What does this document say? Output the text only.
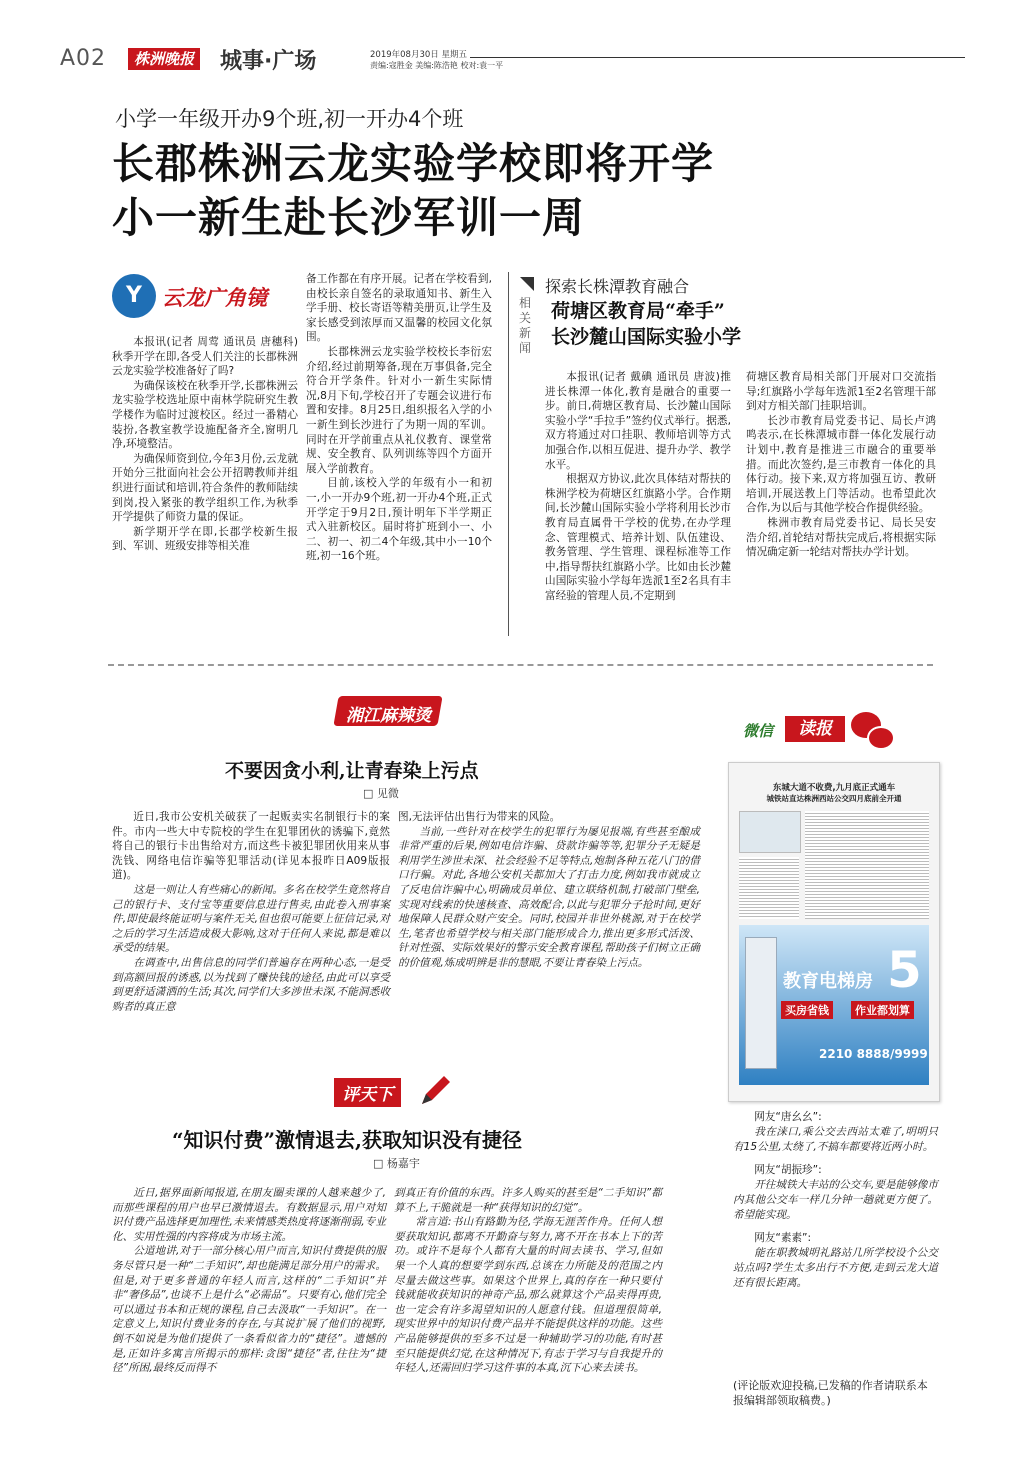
A02	株洲晚报 城事·广场	2019年08月30日 星期五
责编:寇胜金 美编:陈浩艳 校对:袁一平
小学一年级开办9个班,初一开办4个班
长郡株洲云龙实验学校即将开学
小一新生赴长沙军训一周
Y 云龙广角镜

本报讯(记者 周莺 通讯员 唐穗科)秋季开学在即,各受人们关注的长郡株洲云龙实验学校准备好了吗?

为确保该校在秋季开学,长郡株洲云龙实验学校选址原中南林学院研究生教学楼作为临时过渡校区。经过一番精心装扮,各教室教学设施配备齐全,窗明几净,环境整洁。

为确保师资到位,今年3月份,云龙就开始分三批面向社会公开招聘教师并组织进行面试和培训,符合条件的教师陆续到岗,投入紧张的教学组织工作,为秋季开学提供了师资力量的保证。

新学期开学在即,长郡学校新生报到、军训、班级安排等相关准

备工作都在有序开展。记者在学校看到,由校长亲自签名的录取通知书、新生入学手册、校长寄语等精美册页,让学生及家长感受到浓厚而又温馨的校园文化氛围。

长郡株洲云龙实验学校校长李衍宏介绍,经过前期筹备,现在万事俱备,完全符合开学条件。针对小一新生实际情况,8月下旬,学校召开了专题会议进行布置和安排。8月25日,组织报名入学的小一新生到长沙进行了为期一周的军训。同时在开学前重点从礼仪教育、课堂常规、安全教育、队列训练等四个方面开展入学前教育。

目前,该校入学的年级有小一和初一,小一开办9个班,初一开办4个班,正式开学定于9月2日,预计明年下半学期正式入驻新校区。届时将扩班到小一、小二、初一、初二4个年级,其中小一10个班,初一16个班。

相关新闻
探索长株潭教育融合
荷塘区教育局“牵手”
长沙麓山国际实验小学

本报讯(记者 戴碘 通讯员 唐波)推进长株潭一体化,教育是融合的重要一步。前日,荷塘区教育局、长沙麓山国际实验小学“手拉手”签约仪式举行。据悉,双方将通过对口挂职、教师培训等方式加强合作,以相互促进、提升办学、教学水平。

根据双方协议,此次具体结对帮扶的株洲学校为荷塘区红旗路小学。合作期间,长沙麓山国际实验小学将利用长沙市教育局直属骨干学校的优势,在办学理念、管理模式、培养计划、队伍建设、教务管理、学生管理、课程标准等工作中,指导帮扶红旗路小学。比如由长沙麓山国际实验小学每年选派1至2名具有丰富经验的管理人员,不定期到

荷塘区教育局相关部门开展对口交流指导;红旗路小学每年选派1至2名管理干部到对方相关部门挂职培训。

长沙市教育局党委书记、局长卢鸿鸣表示,在长株潭城市群一体化发展行动计划中,教育是推进三市融合的重要举措。而此次签约,是三市教育一体化的具体行动。接下来,双方将加强互访、教研培训,开展送教上门等活动。也希望此次合作,为以后与其他学校合作提供经验。

株洲市教育局党委书记、局长吴安浩介绍,首轮结对帮扶完成后,将根据实际情况确定新一轮结对帮扶办学计划。

湘江麻辣烫
不要因贪小利,让青春染上污点
□ 见微

近日,我市公安机关破获了一起贩卖实名制银行卡的案件。市内一些大中专院校的学生在犯罪团伙的诱骗下,竟然将自己的银行卡出售给对方,而这些卡被犯罪团伙用来从事洗钱、网络电信诈骗等犯罪活动(详见本报昨日A09版报道)。

这是一则让人有些痛心的新闻。多名在校学生竟然将自己的银行卡、支付宝等重要信息进行售卖,由此卷入刑事案件,即使最终能证明与案件无关,但也很可能要上征信记录,对之后的学习生活造成极大影响,这对于任何人来说,都是难以承受的结果。

在调查中,出售信息的同学们普遍存在两种心态,一是受到高额回报的诱惑,以为找到了赚快钱的途径,由此可以享受到更舒适潇洒的生活;其次,同学们大多涉世未深,不能洞悉收购者的真正意

图,无法评估出售行为带来的风险。

当前,一些针对在校学生的犯罪行为屡见报端,有些甚至酿成非常严重的后果,例如电信诈骗、贷款诈骗等等,犯罪分子无疑是利用学生涉世未深、社会经验不足等特点,炮制各种五花八门的借口行骗。对此,各地公安机关都加大了打击力度,例如我市就成立了反电信诈骗中心,明确成员单位、建立联络机制,打破部门壁垒,实现对线索的快速核查、高效配合,以此与犯罪分子抢时间,更好地保障人民群众财产安全。同时,校园并非世外桃源,对于在校学生,笔者也希望学校与相关部门能形成合力,推出更多形式活泼、针对性强、实际效果好的警示安全教育课程,帮助孩子们树立正确的价值观,炼成明辨是非的慧眼,不要让青春染上污点。

微信	读报
东城大道不收费,九月底正式通车
城铁站直达株洲西站公交四月底前全开通
教育电梯房 5
买房省钱	作业都划算
2210 8888/9999
评天下
“知识付费”激情退去,获取知识没有捷径
□ 杨嘉宇

近日,据界面新闻报道,在朋友圈卖课的人越来越少了,而那些课程的用户也早已激情退去。有数据显示,用户对知识付费产品选择更加理性,未来情感类热度将逐渐削弱,专业化、实用性强的内容将成为市场主流。

公道地讲,对于一部分核心用户而言,知识付费提供的服务尽管只是一种“二手知识”,却也能满足部分用户的需求。但是,对于更多普通的年轻人而言,这样的“二手知识”并非“奢侈品”,也谈不上是什么“必需品”。只要有心,他们完全可以通过书本和正规的课程,自己去汲取“一手知识”。在一定意义上,知识付费业务的存在,与其说扩展了他们的视野,倒不如说是为他们提供了一条看似省力的“捷径”。遗憾的是,正如许多寓言所揭示的那样:贪图“捷径”者,往往为“捷径”所困,最终反而得不

到真正有价值的东西。许多人购买的甚至是“二手知识”都算不上,干脆就是一种“获得知识的幻觉”。

常言道:书山有路勤为径,学海无涯苦作舟。任何人想要获取知识,都离不开勤奋与努力,离不开在书本上下的苦功。或许不是每个人都有大量的时间去读书、学习,但如果一个人真的想要学到东西,总该在力所能及的范围之内尽量去做这些事。如果这个世界上,真的存在一种只要付钱就能收获知识的神奇产品,那么就算这个产品卖得再贵,也一定会有许多渴望知识的人愿意付钱。但道理很简单,现实世界中的知识付费产品并不能提供这样的功能。这些产品能够提供的至多不过是一种辅助学习的功能,有时甚至只能提供幻觉,在这种情况下,有志于学习与自我提升的年轻人,还需回归学习这件事的本真,沉下心来去读书。

网友“唐幺幺”:
我在涞口,乘公交去西站太难了,明明只有15公里,太绕了,不搞车都要将近两小时。
网友“胡振珍”:
开往城铁大丰站的公交车,要是能够像市内其他公交车一样几分钟一趟就更方便了。希望能实现。
网友“素素”:
能在职教城明礼路站几所学校设个公交站点吗?学生太多出行不方便,走到云龙大道还有很长距离。
(评论版欢迎投稿,已发稿的作者请联系本报编辑部领取稿费。)
